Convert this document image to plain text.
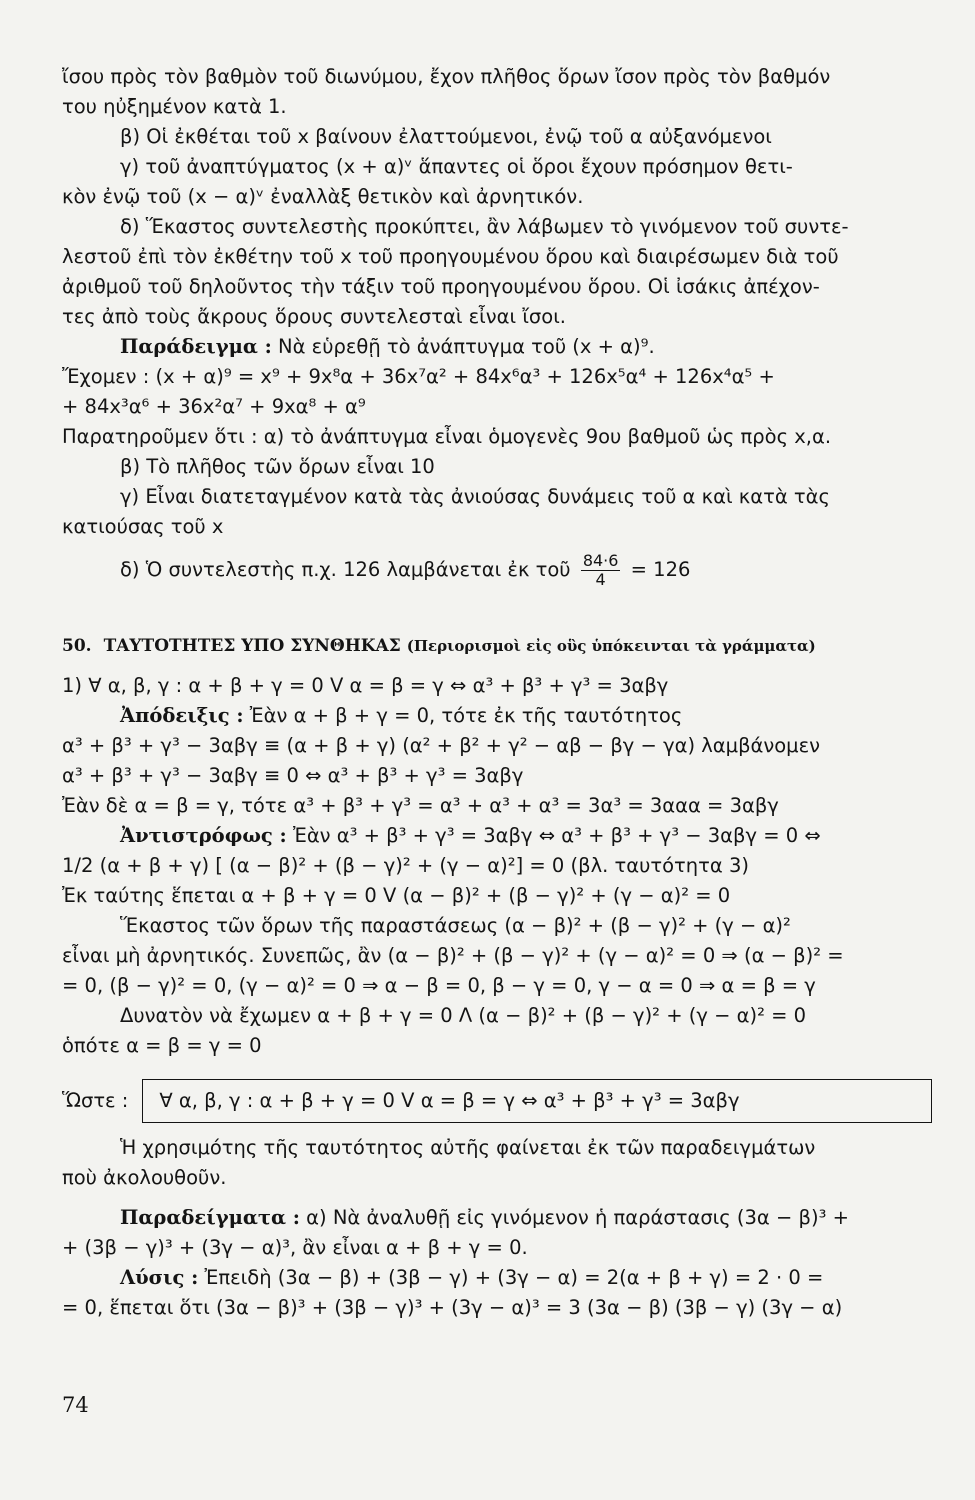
ἴσου πρὸς τὸν βαθμὸν τοῦ διωνύμου, ἔχον πλῆθος ὅρων ἴσον πρὸς τὸν βαθμόν
του ηὐξημένον κατὰ 1.
β) Οἱ ἐκθέται τοῦ x βαίνουν ἐλαττούμενοι, ἐνῷ τοῦ α αὐξανόμενοι
γ) τοῦ ἀναπτύγματος (x + α)ᵛ ἅπαντες οἱ ὅροι ἔχουν πρόσημον θετι-
κὸν ἐνῷ τοῦ (x − α)ᵛ ἐναλλὰξ θετικὸν καὶ ἀρνητικόν.
δ) Ἕκαστος συντελεστὴς προκύπτει, ἂν λάβωμεν τὸ γινόμενον τοῦ συντε-
λεστοῦ ἐπὶ τὸν ἐκθέτην τοῦ x τοῦ προηγουμένου ὅρου καὶ διαιρέσωμεν διὰ τοῦ
ἀριθμοῦ τοῦ δηλοῦντος τὴν τάξιν τοῦ προηγουμένου ὅρου. Οἱ ἰσάκις ἀπέχον-
τες ἀπὸ τοὺς ἄκρους ὅρους συντελεσταὶ εἶναι ἴσοι.
Παράδειγμα : Νὰ εὑρεθῇ τὸ ἀνάπτυγμα τοῦ (x + α)⁹.
Ἔχομεν : (x + α)⁹ = x⁹ + 9x⁸α + 36x⁷α² + 84x⁶α³ + 126x⁵α⁴ + 126x⁴α⁵ +
+ 84x³α⁶ + 36x²α⁷ + 9xα⁸ + α⁹
Παρατηροῦμεν ὅτι : α) τὸ ἀνάπτυγμα εἶναι ὁμογενὲς 9ου βαθμοῦ ὡς πρὸς x,α.
β) Τὸ πλῆθος τῶν ὅρων εἶναι 10
γ) Εἶναι διατεταγμένον κατὰ τὰς ἀνιούσας δυνάμεις τοῦ α καὶ κατὰ τὰς
κατιούσας τοῦ x
δ) Ὁ συντελεστὴς π.χ. 126 λαμβάνεται ἐκ τοῦ $\frac{84\cdot 6}{4} = 126$
50. ΤΑΥΤΟΤΗΤΕΣ ΥΠΟ ΣΥΝΘΗΚΑΣ (Περιορισμοὶ εἰς οὓς ὑπόκεινται τὰ γράμματα)
1) ∀ α, β, γ : α + β + γ = 0 V α = β = γ ⇔ α³ + β³ + γ³ = 3αβγ
Ἀπόδειξις : Ἐὰν α + β + γ = 0, τότε ἐκ τῆς ταυτότητος
α³ + β³ + γ³ − 3αβγ ≡ (α + β + γ) (α² + β² + γ² − αβ − βγ − γα) λαμβάνομεν
α³ + β³ + γ³ − 3αβγ ≡ 0 ⇔ α³ + β³ + γ³ = 3αβγ
Ἐὰν δὲ α = β = γ, τότε α³ + β³ + γ³ = α³ + α³ + α³ = 3α³ = 3ααα = 3αβγ
Ἀντιστρόφως : Ἐὰν α³ + β³ + γ³ = 3αβγ ⇔ α³ + β³ + γ³ − 3αβγ = 0 ⇔
1/2 (α + β + γ) [ (α − β)² + (β − γ)² + (γ − α)²] = 0 (βλ. ταυτότητα 3)
Ἐκ ταύτης ἕπεται α + β + γ = 0 V (α − β)² + (β − γ)² + (γ − α)² = 0
Ἕκαστος τῶν ὅρων τῆς παραστάσεως (α − β)² + (β − γ)² + (γ − α)²
εἶναι μὴ ἀρνητικός. Συνεπῶς, ἂν (α − β)² + (β − γ)² + (γ − α)² = 0 ⇒ (α − β)² =
= 0, (β − γ)² = 0, (γ − α)² = 0 ⇒ α − β = 0, β − γ = 0, γ − α = 0 ⇒ α = β = γ
Δυνατὸν νὰ ἔχωμεν α + β + γ = 0 Λ (α − β)² + (β − γ)² + (γ − α)² = 0
ὁπότε α = β = γ = 0
Ὥστε :	∀ α, β, γ : α + β + γ = 0 V α = β = γ ⇔ α³ + β³ + γ³ = 3αβγ
Ἡ χρησιμότης τῆς ταυτότητος αὐτῆς φαίνεται ἐκ τῶν παραδειγμάτων
ποὺ ἀκολουθοῦν.
Παραδείγματα : α) Νὰ ἀναλυθῇ εἰς γινόμενον ἡ παράστασις (3α − β)³ +
+ (3β − γ)³ + (3γ − α)³, ἂν εἶναι α + β + γ = 0.
Λύσις : Ἐπειδὴ (3α − β) + (3β − γ) + (3γ − α) = 2(α + β + γ) = 2 · 0 =
= 0, ἕπεται ὅτι (3α − β)³ + (3β − γ)³ + (3γ − α)³ = 3 (3α − β) (3β − γ) (3γ − α)
74
